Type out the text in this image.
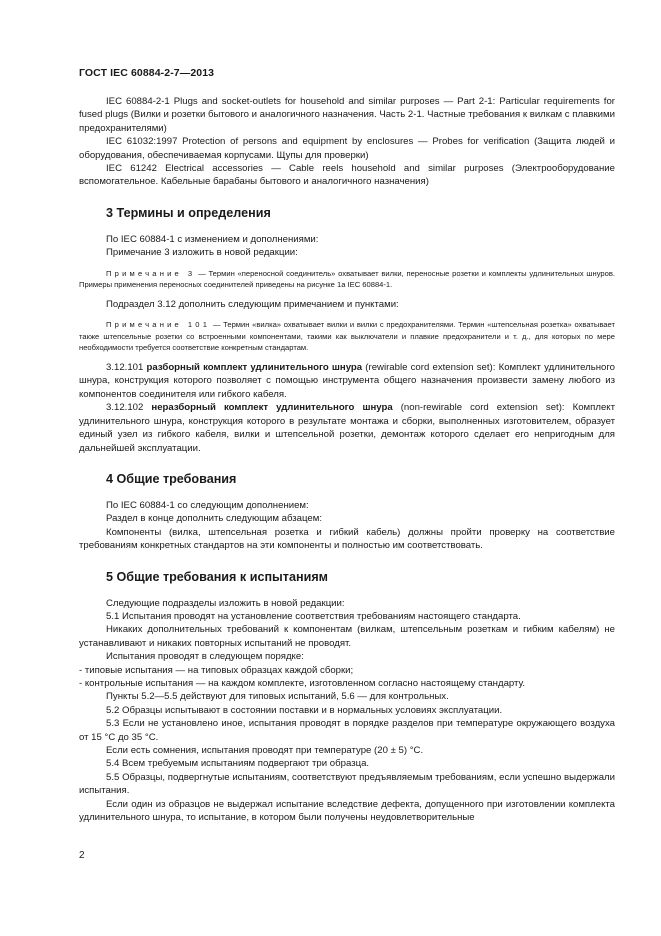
ГОСТ IEC 60884-2-7—2013

IEC 60884-2-1 Plugs and socket-outlets for household and similar purposes — Part 2-1: Particular requirements for fused plugs (Вилки и розетки бытового и аналогичного назначения. Часть 2-1. Частные требования к вилкам с плавкими предохранителями)

IEC 61032:1997 Protection of persons and equipment by enclosures — Probes for verification (Защита людей и оборудования, обеспечиваемая корпусами. Щупы для проверки)

IEC 61242 Electrical accessories — Cable reels household and similar purposes (Электрооборудование вспомогательное. Кабельные барабаны бытового и аналогичного назначения)

3 Термины и определения

По IEC 60884-1 с изменением и дополнениями:

Примечание 3 изложить в новой редакции:

Примечание 3 — Термин «переносной соединитель» охватывает вилки, переносные розетки и комплекты удлинительных шнуров. Примеры применения переносных соединителей приведены на рисунке 1а IEC 60884-1.

Подраздел 3.12 дополнить следующим примечанием и пунктами:

Примечание 101 — Термин «вилка» охватывает вилки и вилки с предохранителями. Термин «штепсельная розетка» охватывает также штепсельные розетки со встроенными компонентами, такими как выключатели и плавкие предохранители и т. д., для которых по мере необходимости требуется соответствие конкретным стандартам.

3.12.101 разборный комплект удлинительного шнура (rewirable cord extension set): Комплект удлинительного шнура, конструкция которого позволяет с помощью инструмента общего назначения произвести замену любого из компонентов соединителя или гибкого кабеля.

3.12.102 неразборный комплект удлинительного шнура (non-rewirable cord extension set): Комплект удлинительного шнура, конструкция которого в результате монтажа и сборки, выполненных изготовителем, образует единый узел из гибкого кабеля, вилки и штепсельной розетки, демонтаж которого сделает его непригодным для дальнейшей эксплуатации.

4 Общие требования

По IEC 60884-1 со следующим дополнением:

Раздел в конце дополнить следующим абзацем:

Компоненты (вилка, штепсельная розетка и гибкий кабель) должны пройти проверку на соответствие требованиям конкретных стандартов на эти компоненты и полностью им соответствовать.

5 Общие требования к испытаниям

Следующие подразделы изложить в новой редакции:

5.1 Испытания проводят на установление соответствия требованиям настоящего стандарта.

Никаких дополнительных требований к компонентам (вилкам, штепсельным розеткам и гибким кабелям) не устанавливают и никаких повторных испытаний не проводят.

Испытания проводят в следующем порядке:

- типовые испытания — на типовых образцах каждой сборки;

- контрольные испытания — на каждом комплекте, изготовленном согласно настоящему стандарту.

Пункты 5.2—5.5 действуют для типовых испытаний, 5.6 — для контрольных.

5.2 Образцы испытывают в состоянии поставки и в нормальных условиях эксплуатации.

5.3 Если не установлено иное, испытания проводят в порядке разделов при температуре окружающего воздуха от 15 °С до 35 °С.

Если есть сомнения, испытания проводят при температуре (20 ± 5) °С.

5.4 Всем требуемым испытаниям подвергают три образца.

5.5 Образцы, подвергнутые испытаниям, соответствуют предъявляемым требованиям, если успешно выдержали испытания.

Если один из образцов не выдержал испытание вследствие дефекта, допущенного при изготовлении комплекта удлинительного шнура, то испытание, в котором были получены неудовлетворительные

2
